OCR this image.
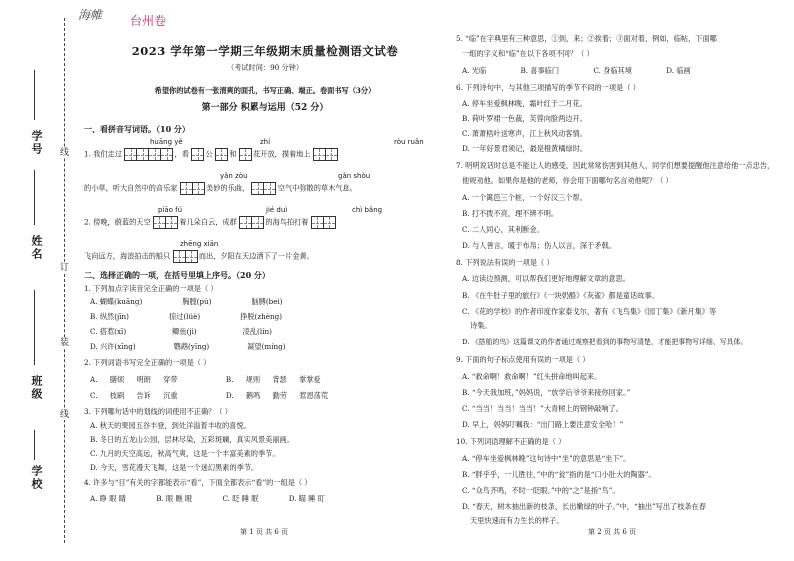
海帷 台州卷
线
订
装
线
学号
姓名
班级
学校
2023 学年第一学期三年级期末质量检测语文试卷
（考试时间：90 分钟）
希望你的试卷有一张清爽的面孔，书写正确、端正。卷面书写（3分）
第一部分 积累与运用（52 分）
一、看拼音写词语。（10 分）
huāng yě	zhí	ròu ruǎn
1. 我们走过	，看 公 和 花开放，摸着地上
yǎn zòu	gǎn shòu
的小草，听大自然中的音乐家	美妙的乐曲，	空气中弥散的草木气息。
piāo fú	jié duì	chì bǎng
2. 傍晚，蔚蓝的天空	着几朵白云，成群	的海鸟拍打着
zhēng xiān
飞向远方，海浪拍击的船只	而出，夕阳在天边洒下了一片金黄。
二、选择正确的一项，在括号里填上序号。（20 分）
1. 下列加点字读音完全正确的一项是（ ）
A. 蝴蝶(kuāng)	胸膛(pú)	脑膊(bei)
B. 纵然(jīn)	掠过(lüè)	挣脱(zhèng)
C. 搭惹(xī)	鲫鱼(jì)	凌乱(lín)
D. 兴许(xīng)	鹦鹉(yīng)	凝望(míng)
2. 下列词语书写完全正确的一项是（ ）
A. 膳烦 明朗 穿带	B. 规则 背瑟 掌掌爱
C. 枝刷 告诉 沉重	D. 鹅鸣 勤劳 惹恩荡荒
3. 下列哪句话中的划线的词使用不正确？（ ）
A. 秋天的果园五谷丰登，到处洋溢着丰收的喜悦。
B. 冬日的五龙山公园，层林尽染，五彩斑斓，真实风景美丽画。
C. 九月的天空高远，秋高气爽，这是一个丰富美素的季节。
D. 今天，雪花漫天飞舞，这是一个迷幻黑素的季节。
4. 许多与“目”有关的字都能表示“看”，下面全都表示“看”的一组是（ ）
A. 睁 眼 睛	B. 眼 瞧 瞪	C. 眨 睡 眠	D. 瞄 睡 盯
第 1 页 共 6 页
5. “临”在字典里有三种意思，①到，来；②挨着；③面对着，例如，临帖，下面哪
一组的字义和“临”在以下各项不同？（ ）
A. 光临	B. 喜事临门	C. 身临其境	D. 临画
6. 下列诗句中，与其他三项描写的季节不同的一项是（ ）
A. 停车坐爱枫林晚，霜叶红于二月花。
B. 荷叶罗裙一色裁，芙蓉向脸两边开。
C. 萧萧梧叶送寒声，江上秋风动客情。
D. 一年好景君须记，最是橙黄橘绿时。
7. 明明说话时总是不能让人的感受，因此常常伤害到其他人，同学们想要提醒他注意给他一点忠告，
他规劝他。如果你是他的老师，你会用下面哪句名言劝他呢？（ ）
A. 一个篱笆三个桩，一个好汉三个帮。
B. 打不拨不亮，理不辨不明。
C. 二人同心，其利断金。
D. 与人善言，暖于布帛；伤人以言，深于矛戟。
8. 下列说法有误的一项是（ ）
A. 边读边预测，可以帮我们更好地理解文章的意思。
B. 《在牛肚子里的旅行》《一块奶酪》《灰雀》都是童话故事。
C. 《花的学校》的作者印度作家泰戈尔，著有《飞鸟集》《园丁集》《新月集》等
诗集。
D. 《搭船的鸟》这篇课文的作者通过观察把看到的事物写清楚，才能把事物写详细、写具体。
9. 下面的句子标点使用有误的一项是（ ）
A. “救命啊！救命啊！”红头拼命地叫起来。
B. “今天我加班，”妈妈说，“放学后爷爷来接你回家。”
C. “当当！当当！当当！”大青树上的钢钟敲响了。
D. 早上，妈妈叮嘱我：“出门路上要注意安全哈！”
10. 下列词语理解不正确的是（ ）
A. “停车坐爱枫林晚”这句诗中“坐”的意思是“坐下”。
B. “胖乎乎，一儿胜往，”中的“瓮”指的是“口小肚大的陶器”。
C. “众鸟齐鸣，不时一眨眼。”中的“之”是指“鸟”。
D. “春天，树木抽出新的枝条，长出嫩绿的叶子。”中，“抽出”写出了枝条在春
天里快速而有力生长的样子。
第 2 页 共 6 页
